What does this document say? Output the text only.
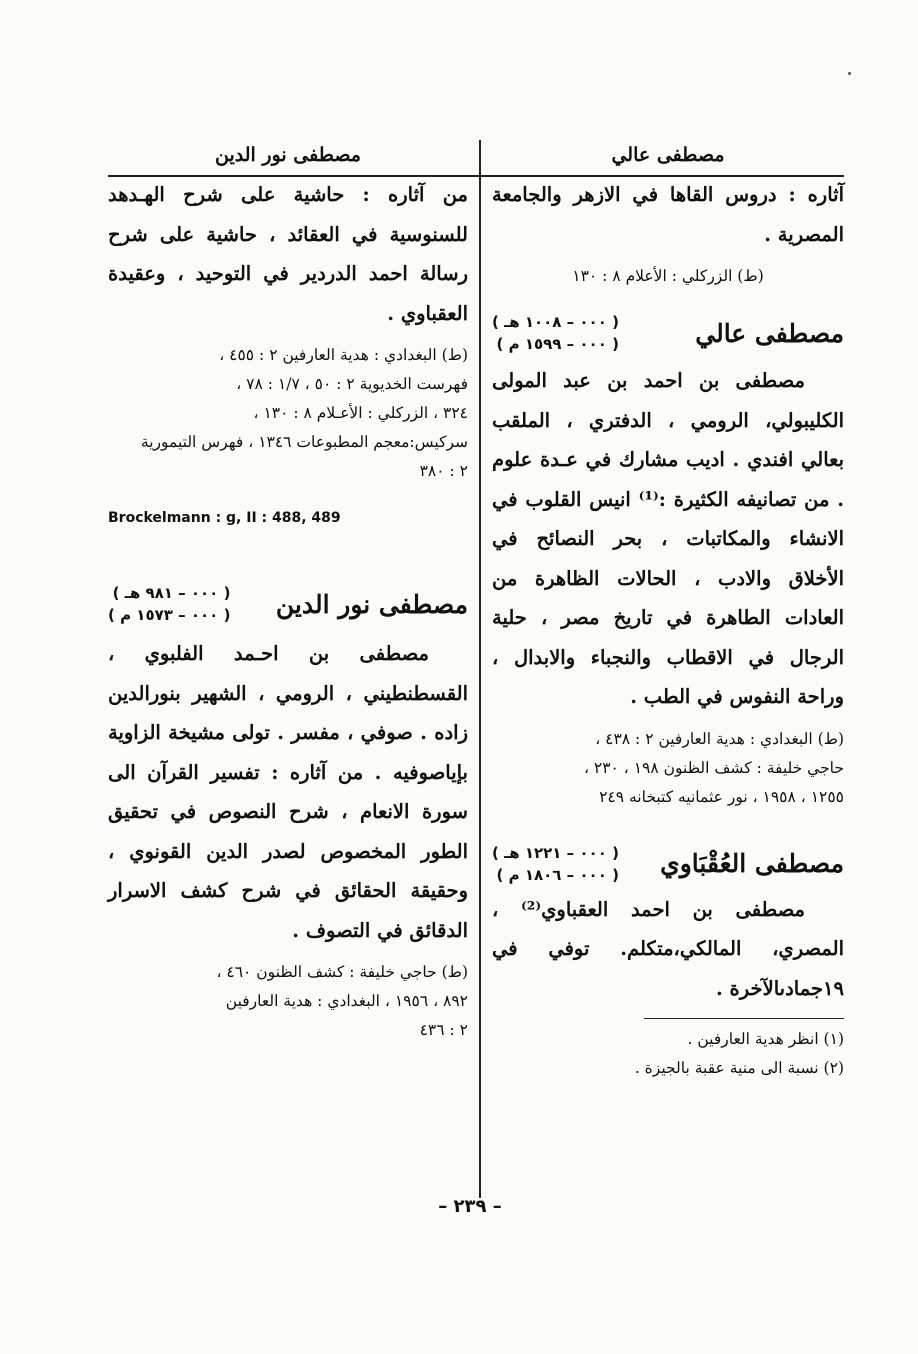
مصطفى عالي

آثاره : دروس القاها في الازهر والجامعة المصرية .

(ط) الزركلي : الأعلام ٨ : ١٣٠

مصطفى عالي
( ٠٠٠ – ١٠٠٨ هـ )
( ٠٠٠ – ١٥٩٩ م )

مصطفى بن احمد بن عبد المولى الكليبولي، الرومي ، الدفتري ، الملقب بعالي افندي . اديب مشارك في عـدة علوم . من تصانيفه الكثيرة :⁽¹⁾ انيس القلوب في الانشاء والمكاتبات ، بحر النصائح في الأخلاق والادب ، الحالات الظاهرة من العادات الطاهرة في تاريخ مصر ، حلية الرجال في الاقطاب والنجباء والابدال ، وراحة النفوس في الطب .

(ط) البغدادي : هدية العارفين ٢ : ٤٣٨ ،
حاجي خليفة : كشف الظنون ١٩٨ ، ٢٣٠ ،
١٢٥٥ ، ١٩٥٨ ، نور عثمانيه كتبخانه ٢٤٩
مصطفى العُقْبَاوي
( ٠٠٠ – ١٢٢١ هـ )
( ٠٠٠ – ١٨٠٦ م )

مصطفى بن احمد العقباوي⁽²⁾ ، المصري، المالكي،متكلم. توفي في ١٩جمادىالآخرة .

(١) انظر هدية العارفين .
(٢) نسبة الى منية عقبة بالجيزة .
مصطفى نور الدين

من آثاره : حاشية على شرح الهـدهد للسنوسية في العقائد ، حاشية على شرح رسالة احمد الدردير في التوحيد ، وعقيدة العقباوي .

(ط) البغدادي : هدية العارفين ٢ : ٤٥٥ ،
فهرست الخديوية ٢ : ٥٠ ، ١/٧ : ٧٨ ،
٣٢٤ ، الزركلي : الأعـلام ٨ : ١٣٠ ،
سركيس:معجم المطبوعات ١٣٤٦ ، فهرس التيمورية
٢ : ٣٨٠
Brockelmann : g, II : 488, 489
مصطفى نور الدين
( ٠٠٠ – ٩٨١ هـ )
( ٠٠٠ – ١٥٧٣ م )

مصطفى بن احـمد الفلبوي ، القسطنطيني ، الرومي ، الشهير بنورالدين زاده . صوفي ، مفسر . تولى مشيخة الزاوية بإياصوفيه . من آثاره : تفسير القرآن الى سورة الانعام ، شرح النصوص في تحقيق الطور المخصوص لصدر الدين القونوي ، وحقيقة الحقائق في شرح كشف الاسرار الدقائق في التصوف .

(ط) حاجي خليفة : كشف الظنون ٤٦٠ ،
٨٩٢ ، ١٩٥٦ ، البغدادي : هدية العارفين
٢ : ٤٣٦
– ٢٣٩ –
